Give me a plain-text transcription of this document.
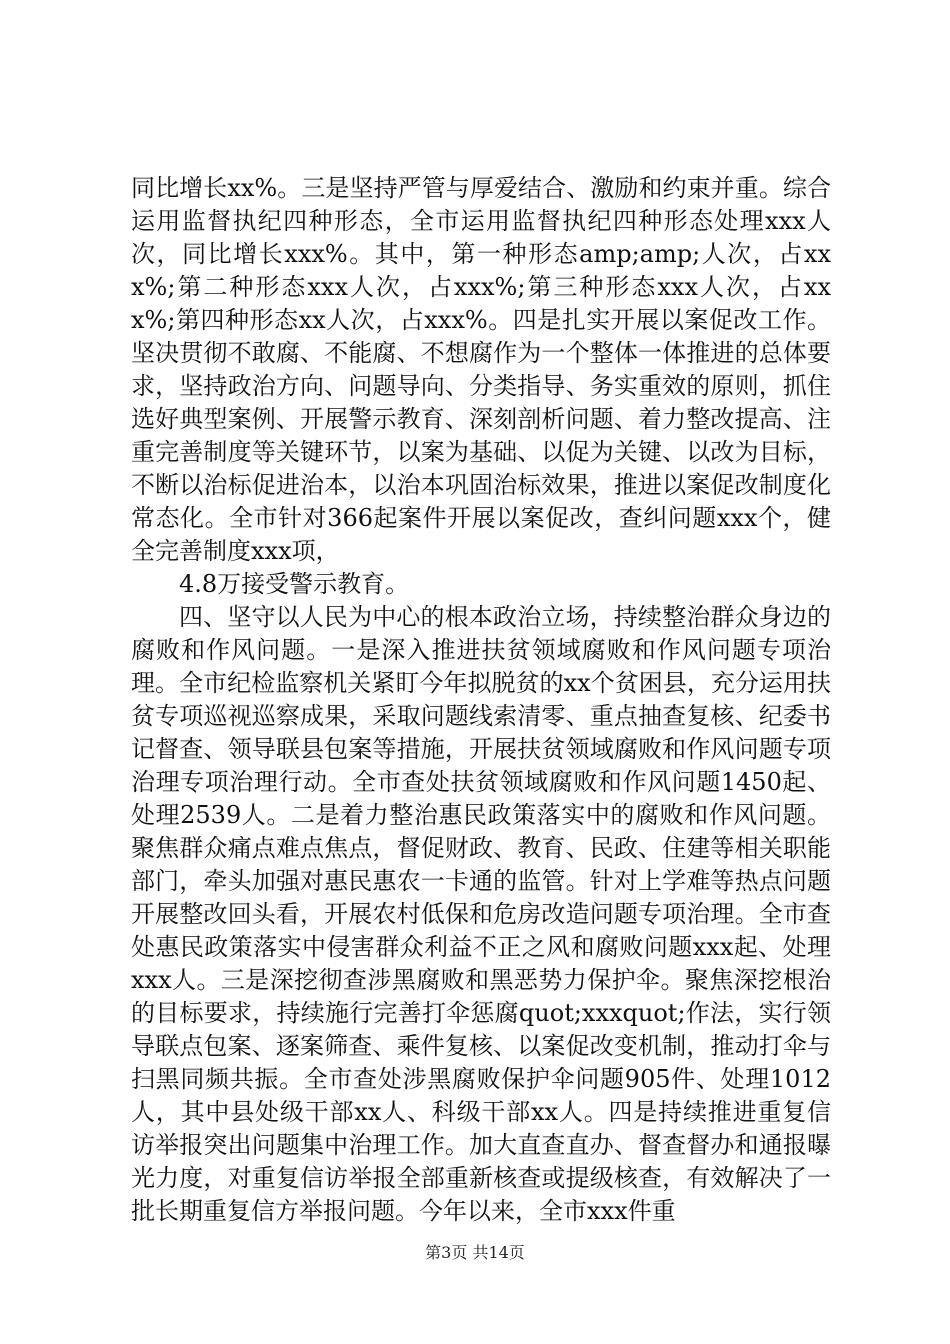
同比增长xx%。三是坚持严管与厚爱结合、激励和约束并重。综合运用监督执纪四种形态，全市运用监督执纪四种形态处理xxx人次，同比增长xxx%。其中，第一种形态amp;amp;人次，占xxx%;第二种形态xxx人次，占xxx%;第三种形态xxx人次，占xxx%;第四种形态xx人次，占xxx%。四是扎实开展以案促改工作。坚决贯彻不敢腐、不能腐、不想腐作为一个整体一体推进的总体要求，坚持政治方向、问题导向、分类指导、务实重效的原则，抓住选好典型案例、开展警示教育、深刻剖析问题、着力整改提高、注重完善制度等关键环节，以案为基础、以促为关键、以改为目标，不断以治标促进治本，以治本巩固治标效果，推进以案促改制度化常态化。全市针对366起案件开展以案促改，查纠问题xxx个，健全完善制度xxx项，

4.8万接受警示教育。

四、坚守以人民为中心的根本政治立场，持续整治群众身边的腐败和作风问题。一是深入推进扶贫领域腐败和作风问题专项治理。全市纪检监察机关紧盯今年拟脱贫的xx个贫困县，充分运用扶贫专项巡视巡察成果，采取问题线索清零、重点抽查复核、纪委书记督查、领导联县包案等措施，开展扶贫领域腐败和作风问题专项治理专项治理行动。全市查处扶贫领域腐败和作风问题1450起、处理2539人。二是着力整治惠民政策落实中的腐败和作风问题。聚焦群众痛点难点焦点，督促财政、教育、民政、住建等相关职能部门，牵头加强对惠民惠农一卡通的监管。针对上学难等热点问题开展整改回头看，开展农村低保和危房改造问题专项治理。全市查处惠民政策落实中侵害群众利益不正之风和腐败问题xxx起、处理xxx人。三是深挖彻查涉黑腐败和黑恶势力保护伞。聚焦深挖根治的目标要求，持续施行完善打伞惩腐quot;xxxquot;作法，实行领导联点包案、逐案筛查、乘件复核、以案促改变机制，推动打伞与扫黑同频共振。全市查处涉黑腐败保护伞问题905件、处理1012人，其中县处级干部xx人、科级干部xx人。四是持续推进重复信访举报突出问题集中治理工作。加大直查直办、督查督办和通报曝光力度，对重复信访举报全部重新核查或提级核查，有效解决了一批长期重复信方举报问题。今年以来，全市xxx件重

第3页 共14页
